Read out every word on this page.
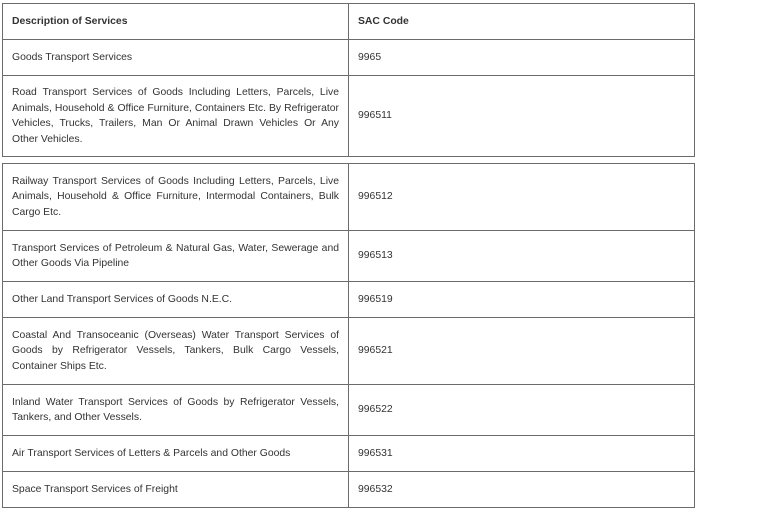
Description of Services	SAC Code
Goods Transport Services	9965
Road Transport Services of Goods Including Letters, Parcels, Live Animals, Household & Office Furniture, Containers Etc. By Refrigerator Vehicles, Trucks, Trailers, Man Or Animal Drawn Vehicles Or Any Other Vehicles.	996511
Railway Transport Services of Goods Including Letters, Parcels, Live Animals, Household & Office Furniture, Intermodal Containers, Bulk Cargo Etc.	996512
Transport Services of Petroleum & Natural Gas, Water, Sewerage and Other Goods Via Pipeline	996513
Other Land Transport Services of Goods N.E.C.	996519
Coastal And Transoceanic (Overseas) Water Transport Services of Goods by Refrigerator Vessels, Tankers, Bulk Cargo Vessels, Container Ships Etc.	996521
Inland Water Transport Services of Goods by Refrigerator Vessels, Tankers, and Other Vessels.	996522
Air Transport Services of Letters & Parcels and Other Goods	996531
Space Transport Services of Freight	996532
